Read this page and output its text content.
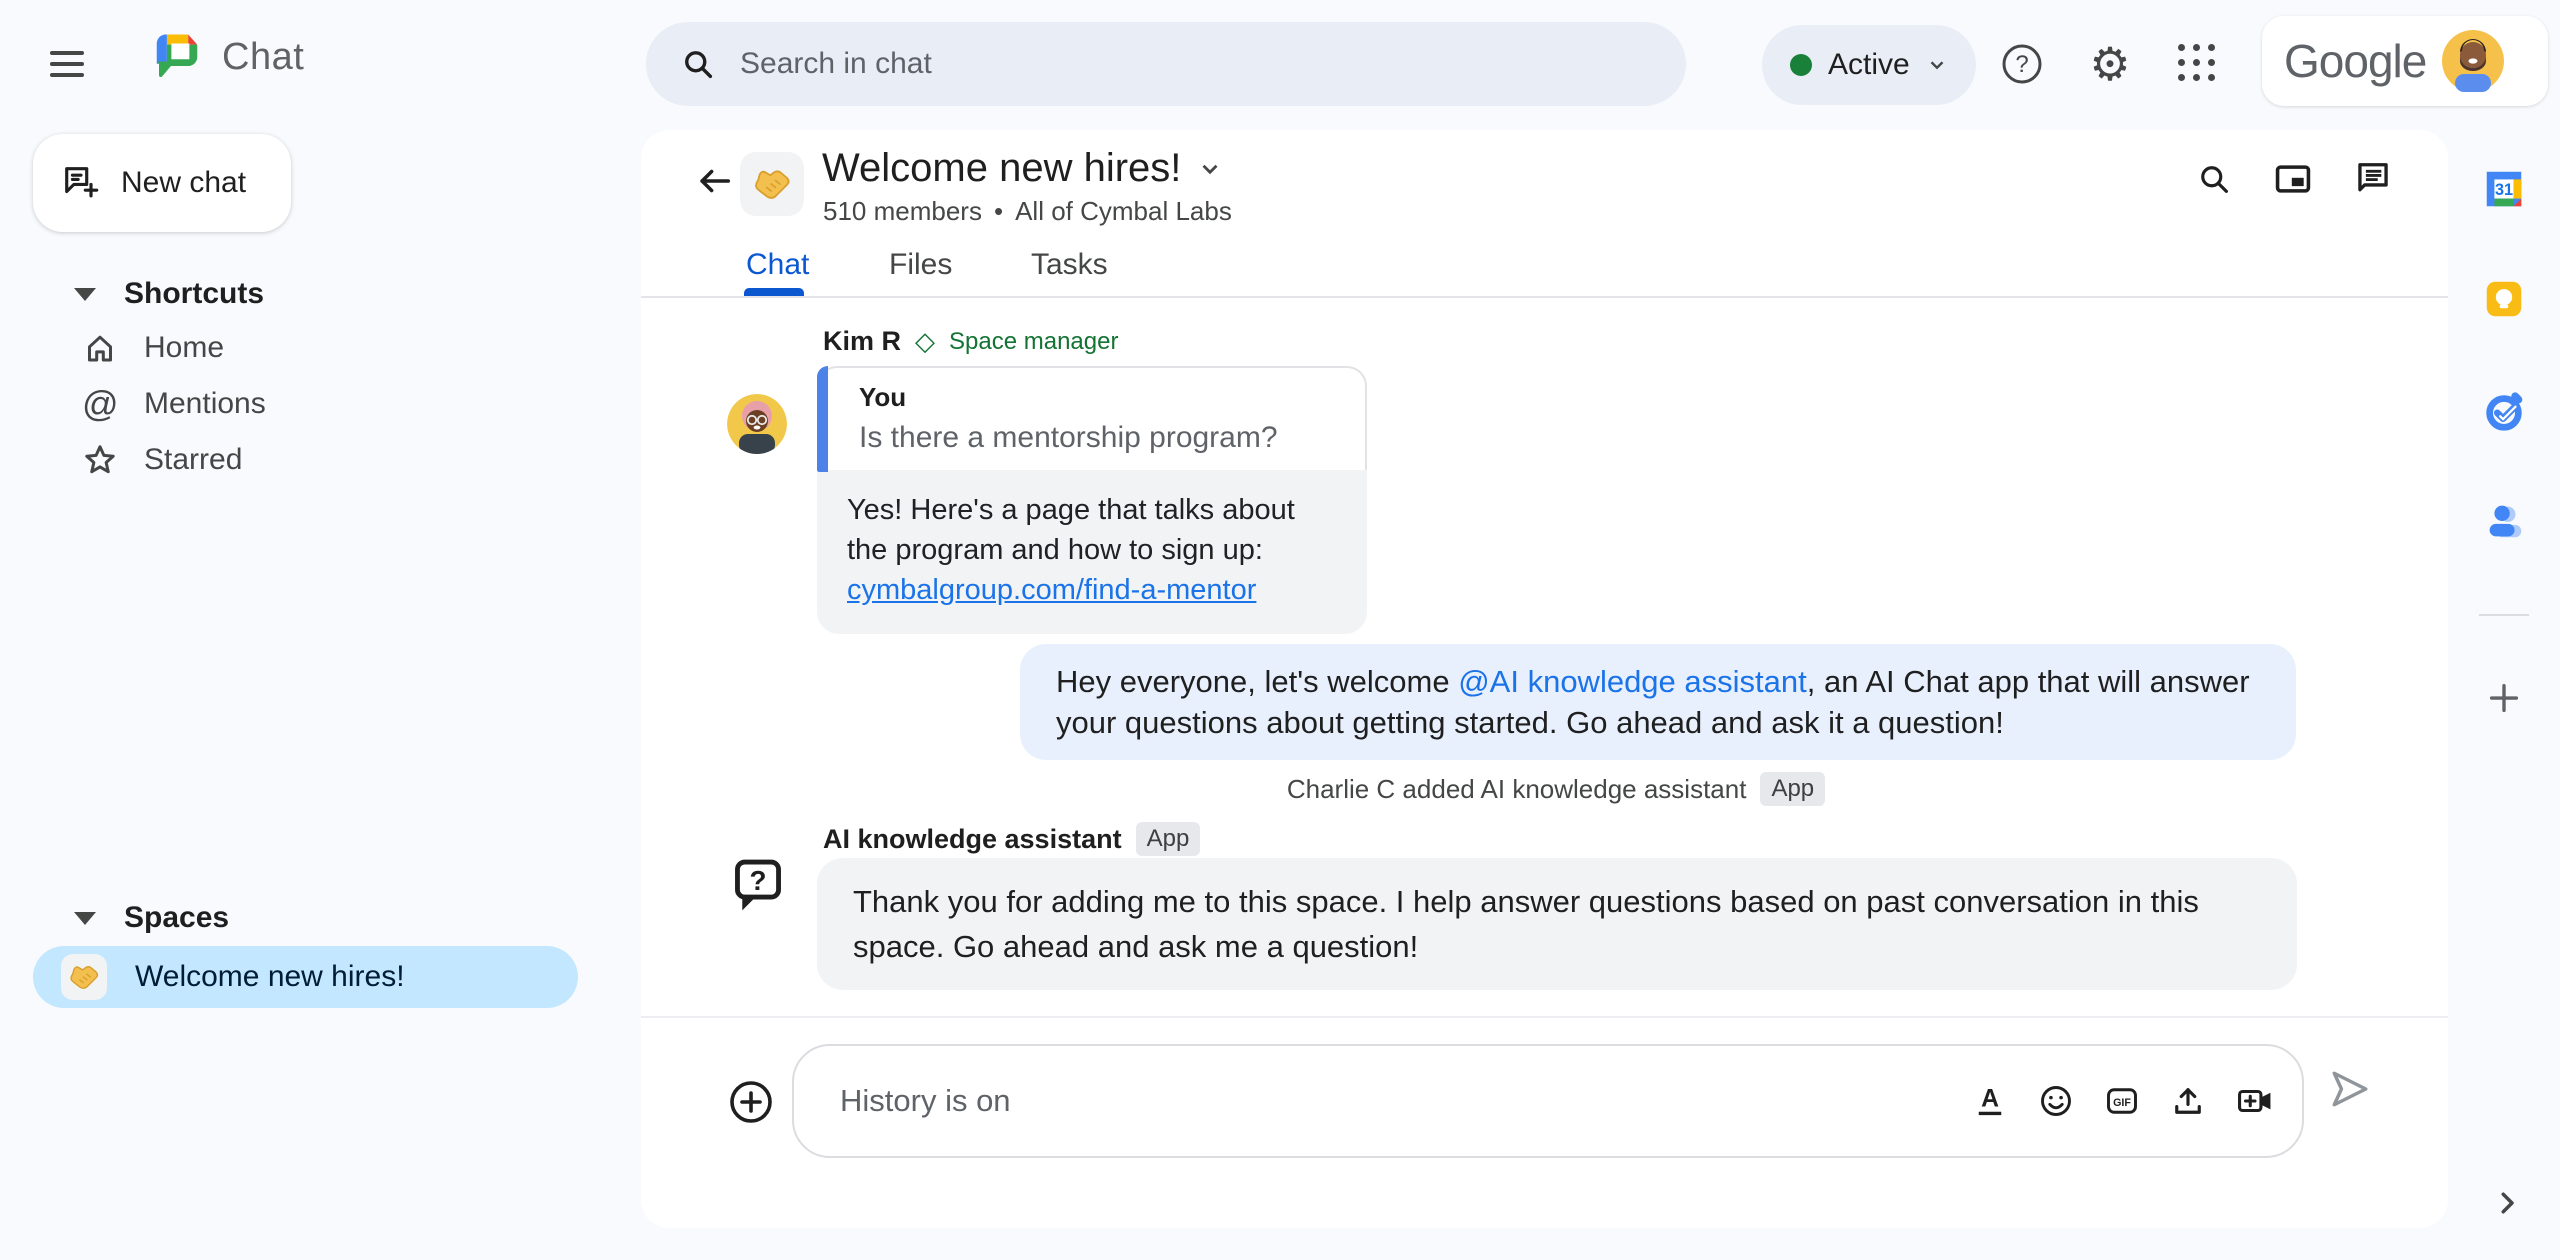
Chat	Search in chat	Active	? ⚙	Google
New chat
Shortcuts
Home
@ Mentions
Starred
Spaces
Welcome new hires!
Welcome new hires!
510 members • All of Cymbal Labs
Chat	Files	Tasks
Kim R ◇ Space manager
You
Is there a mentorship program?
Yes! Here's a page that talks about the program and how to sign up:
cymbalgroup.com/find-a-mentor
Hey everyone, let's welcome @AI knowledge assistant, an AI Chat app that will answer your questions about getting started. Go ahead and ask it a question!
Charlie C added AI knowledge assistant	App
AI knowledge assistant	App
?
Thank you for adding me to this space. I help answer questions based on past conversation in this space. Go ahead and ask me a question!
History is on	A	GIF
31
